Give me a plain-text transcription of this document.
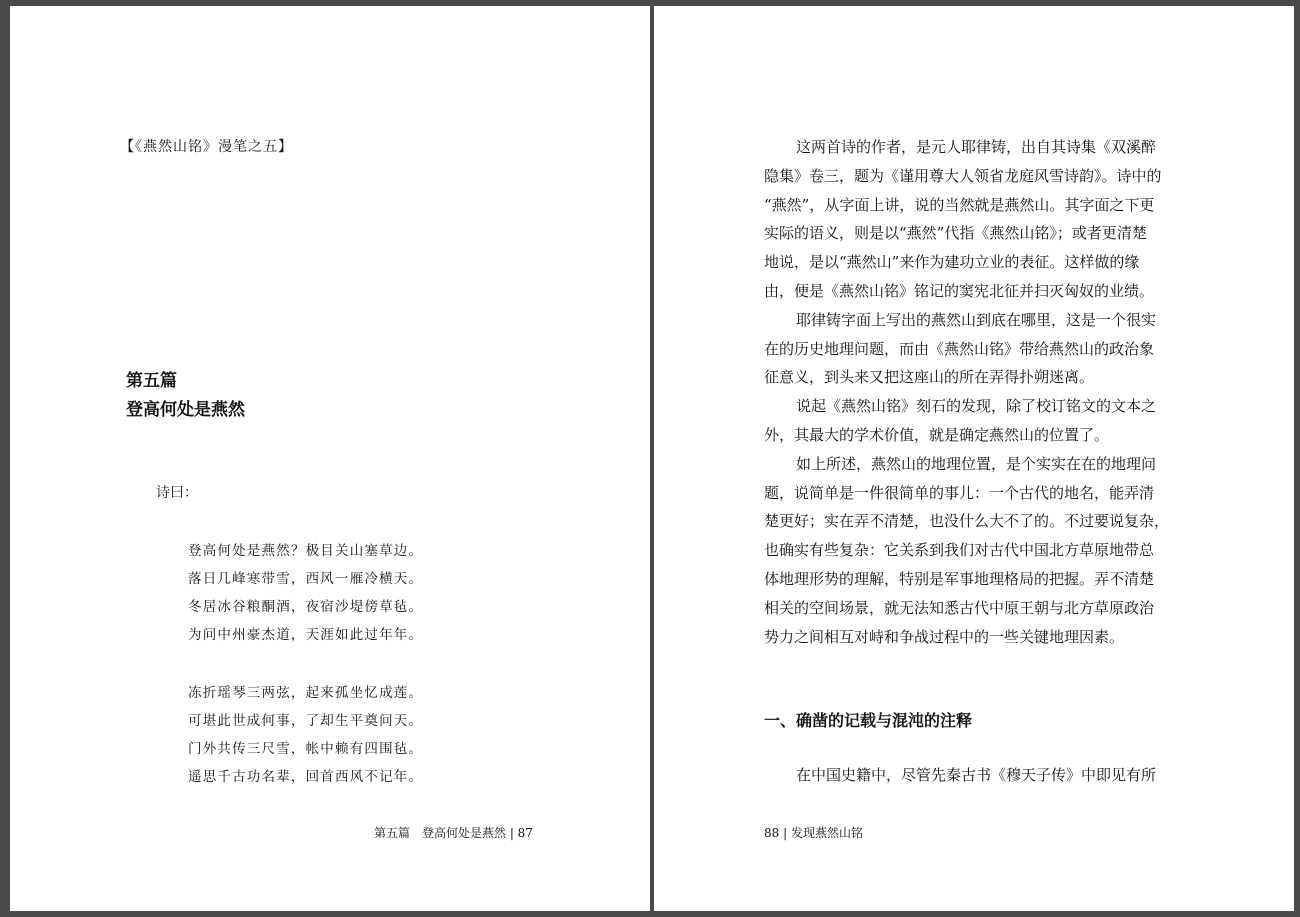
【《燕然山铭》漫笔之五】
第五篇
登高何处是燕然
诗曰：
登高何处是燕然？极目关山塞草边。
落日几峰寒带雪，西风一雁冷横天。
冬居冰谷粮酮酒，夜宿沙堤傍草毡。
为问中州豪杰道，天涯如此过年年。
冻折瑶琴三两弦，起来孤坐忆成莲。
可堪此世成何事，了却生平奠问天。
门外共传三尺雪，帐中赖有四围毡。
遥思千古功名辈，回首西风不记年。
第五篇　登高何处是燕然 | 87
这两首诗的作者，是元人耶律铸，出自其诗集《双溪醉
隐集》卷三，题为《谨用尊大人领省龙庭风雪诗韵》。诗中的
“燕然”，从字面上讲，说的当然就是燕然山。其字面之下更
实际的语义，则是以“燕然”代指《燕然山铭》；或者更清楚
地说，是以“燕然山”来作为建功立业的表征。这样做的缘
由，便是《燕然山铭》铭记的窦宪北征并扫灭匈奴的业绩。
耶律铸字面上写出的燕然山到底在哪里，这是一个很实
在的历史地理问题，而由《燕然山铭》带给燕然山的政治象
征意义，到头来又把这座山的所在弄得扑朔迷离。
说起《燕然山铭》刻石的发现，除了校订铭文的文本之
外，其最大的学术价值，就是确定燕然山的位置了。
如上所述，燕然山的地理位置，是个实实在在的地理问
题，说简单是一件很简单的事儿：一个古代的地名，能弄清
楚更好；实在弄不清楚，也没什么大不了的。不过要说复杂，
也确实有些复杂：它关系到我们对古代中国北方草原地带总
体地理形势的理解，特别是军事地理格局的把握。弄不清楚
相关的空间场景，就无法知悉古代中原王朝与北方草原政治
势力之间相互对峙和争战过程中的一些关键地理因素。
一、确凿的记载与混沌的注释
在中国史籍中，尽管先秦古书《穆天子传》中即见有所
88 | 发现燕然山铭
